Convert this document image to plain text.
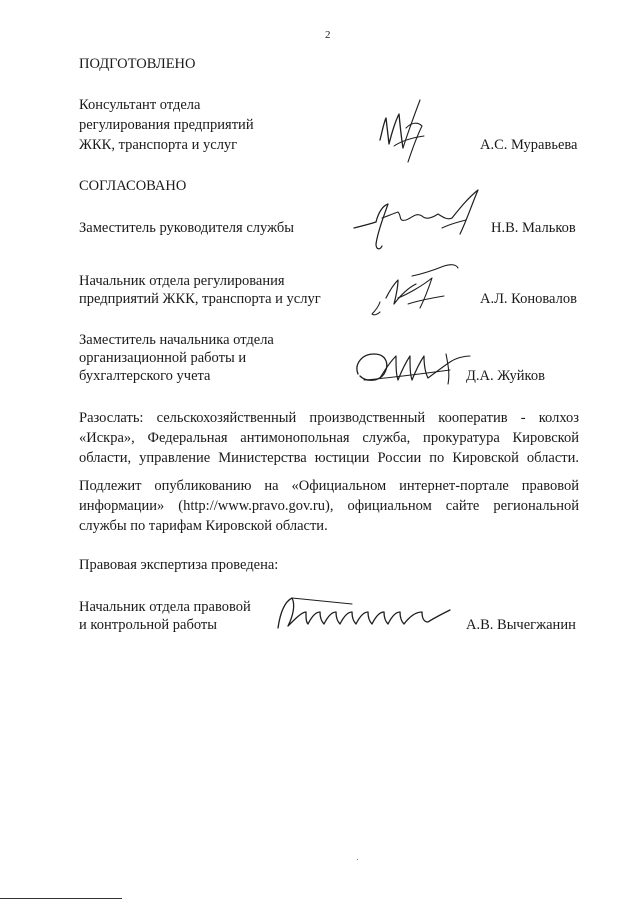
2
ПОДГОТОВЛЕНО
Консультант отдела
регулирования предприятий
ЖКК, транспорта и услуг	А.С. Муравьева
СОГЛАСОВАНО
Заместитель руководителя службы	Н.В. Мальков
Начальник отдела регулирования
предприятий ЖКК, транспорта и услуг	А.Л. Коновалов
Заместитель начальника отдела
организационной работы и
бухгалтерского учета	Д.А. Жуйков
Разослать: сельскохозяйственный производственный кооператив - колхоз
«Искра», Федеральная антимонопольная служба, прокуратура Кировской
области, управление Министерства юстиции России по Кировской области.
Подлежит опубликованию на «Официальном интернет-портале правовой
информации» (http://www.pravo.gov.ru), официальном сайте региональной
службы по тарифам Кировской области.
Правовая экспертиза проведена:
Начальник отдела правовой
и контрольной работы	А.В. Вычегжанин
